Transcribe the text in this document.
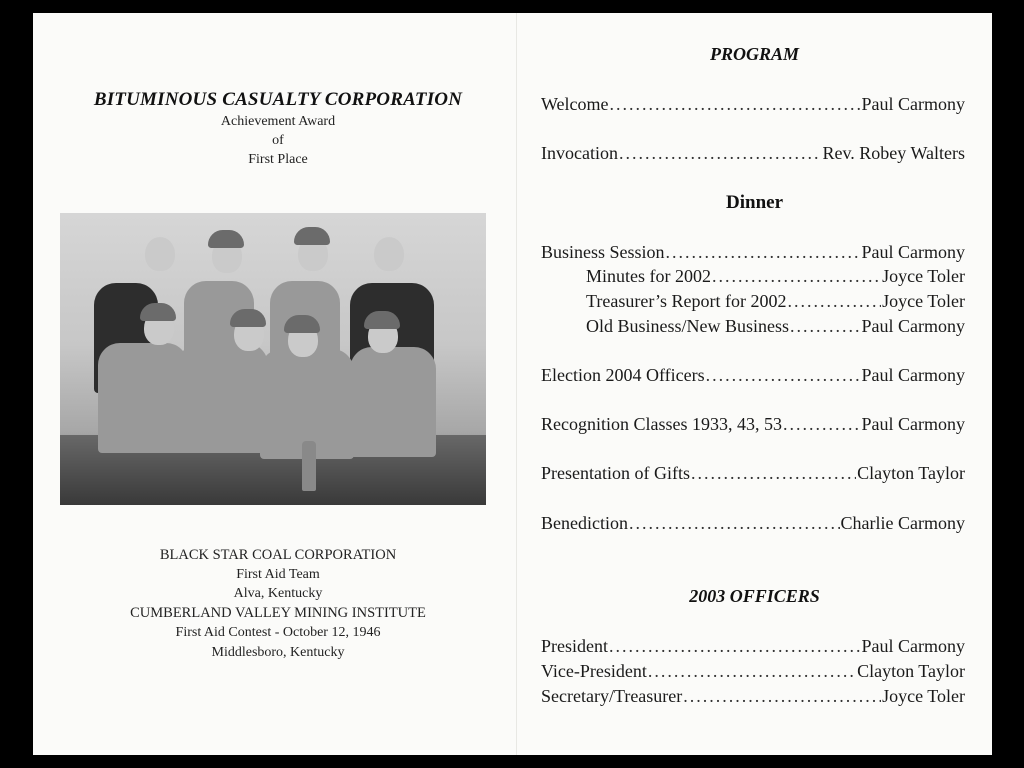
BITUMINOUS CASUALTY CORPORATION
Achievement Award
of
First Place
BLACK STAR COAL CORPORATION
First Aid Team
Alva, Kentucky
CUMBERLAND VALLEY MINING INSTITUTE
First Aid Contest - October 12, 1946
Middlesboro, Kentucky
PROGRAM
Welcome .....	Paul Carmony
Invocation .....	Rev. Robey Walters
Dinner
Business Session .....	Paul Carmony
Minutes for 2002 .....	Joyce Toler
Treasurer’s Report for 2002 .....	Joyce Toler
Old Business/New Business .....	Paul Carmony
Election 2004 Officers .....	Paul Carmony
Recognition Classes 1933, 43, 53 .....	Paul Carmony
Presentation of Gifts .....	Clayton Taylor
Benediction .....	Charlie Carmony
2003 OFFICERS
President .....	Paul Carmony
Vice-President .....	Clayton Taylor
Secretary/Treasurer .....	Joyce Toler
